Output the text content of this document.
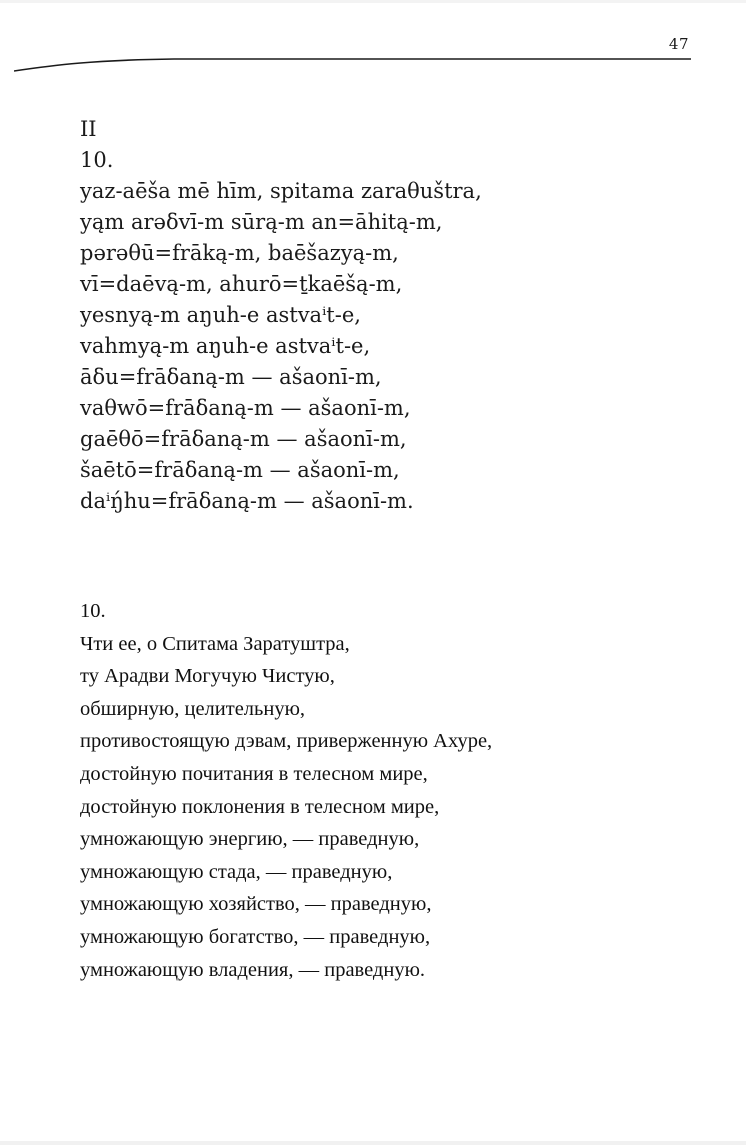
47
II
10.
yaz-aēša mē hīm, spitama zaraθuštra,
yąm arəδvī-m sūrą-m an=āhitą-m,
pərəθū=frāką-m, baēšazyą-m,
vī=daēvą-m, ahurō=ṯkaēšą-m,
yesnyą-m aŋuh-e astvaⁱt-e,
vahmyą-m aŋuh-e astvaⁱt-e,
āδu=frāδaną-m — ašaonī-m,
vaθwō=frāδaną-m — ašaonī-m,
gaēθō=frāδaną-m — ašaonī-m,
šaētō=frāδaną-m — ašaonī-m,
daⁱŋ́hu=frāδaną-m — ašaonī-m.
10.
Чти ее, о Спитама Заратуштра,
ту Арадви Могучую Чистую,
обширную, целительную,
противостоящую дэвам, приверженную Ахуре,
достойную почитания в телесном мире,
достойную поклонения в телесном мире,
умножающую энергию, — праведную,
умножающую стада, — праведную,
умножающую хозяйство, — праведную,
умножающую богатство, — праведную,
умножающую владения, — праведную.
